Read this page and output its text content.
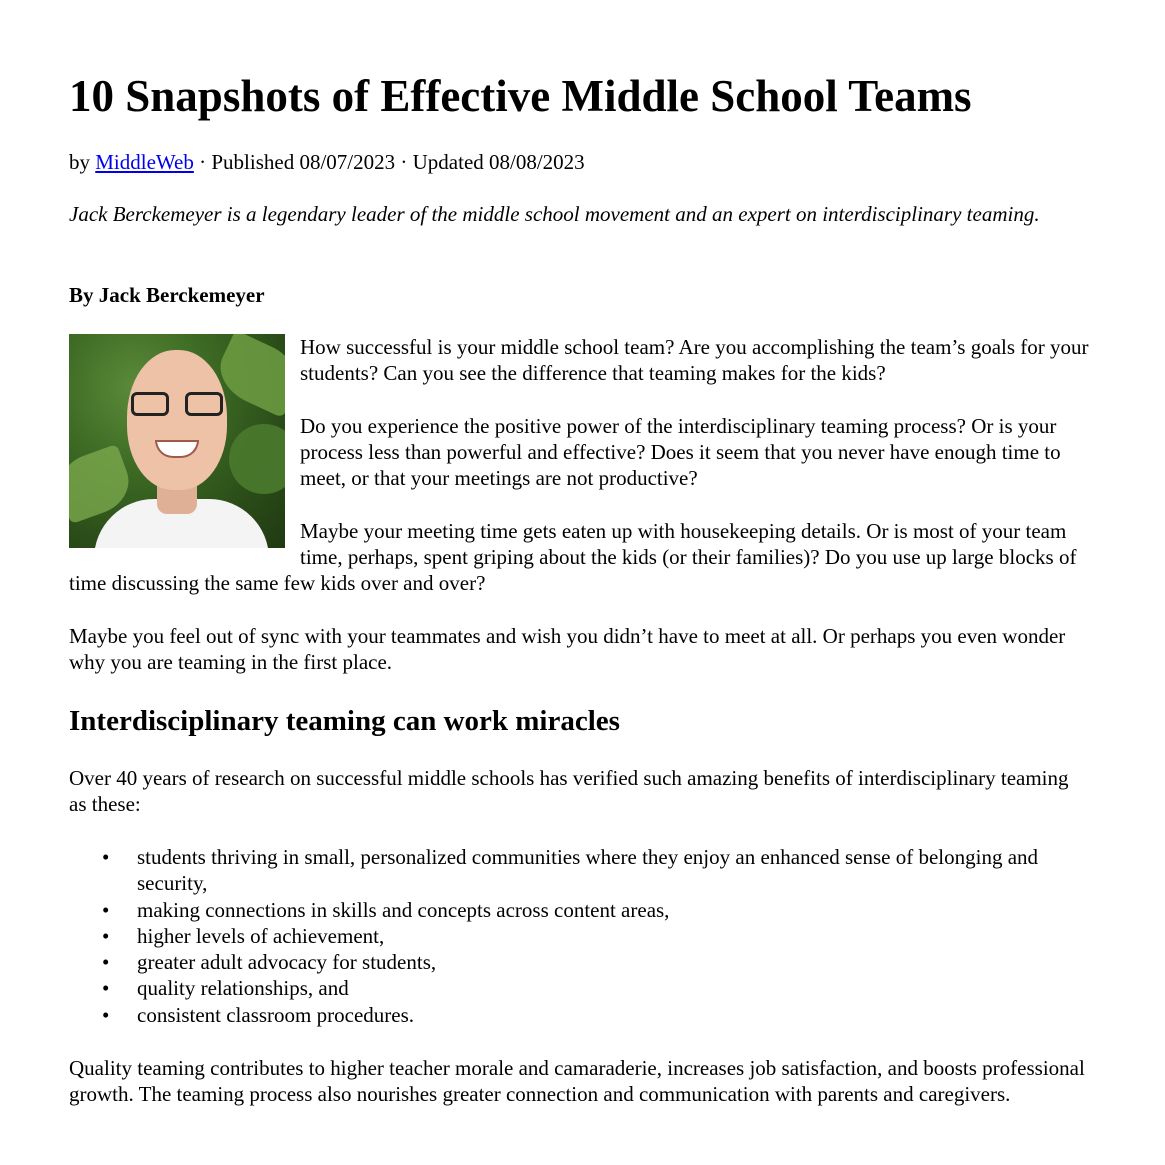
10 Snapshots of Effective Middle School Teams

by MiddleWeb · Published 08/07/2023 · Updated 08/08/2023

Jack Berckemeyer is a legendary leader of the middle school movement and an expert on interdisciplinary teaming.

By Jack Berckemeyer

How successful is your middle school team? Are you accomplishing the team’s goals for your students? Can you see the difference that teaming makes for the kids?

Do you experience the positive power of the interdisciplinary teaming process? Or is your process less than powerful and effective? Does it seem that you never have enough time to meet, or that your meetings are not productive?

Maybe your meeting time gets eaten up with housekeeping details. Or is most of your team time, perhaps, spent griping about the kids (or their families)? Do you use up large blocks of time discussing the same few kids over and over?

Maybe you feel out of sync with your teammates and wish you didn’t have to meet at all. Or perhaps you even wonder why you are teaming in the first place.

Interdisciplinary teaming can work miracles

Over 40 years of research on successful middle schools has verified such amazing benefits of interdisciplinary teaming as these:

• students thriving in small, personalized communities where they enjoy an enhanced sense of belonging and security,
• making connections in skills and concepts across content areas,
• higher levels of achievement,
• greater adult advocacy for students,
• quality relationships, and
• consistent classroom procedures.

Quality teaming contributes to higher teacher morale and camaraderie, increases job satisfaction, and boosts professional growth. The teaming process also nourishes greater connection and communication with parents and caregivers.
